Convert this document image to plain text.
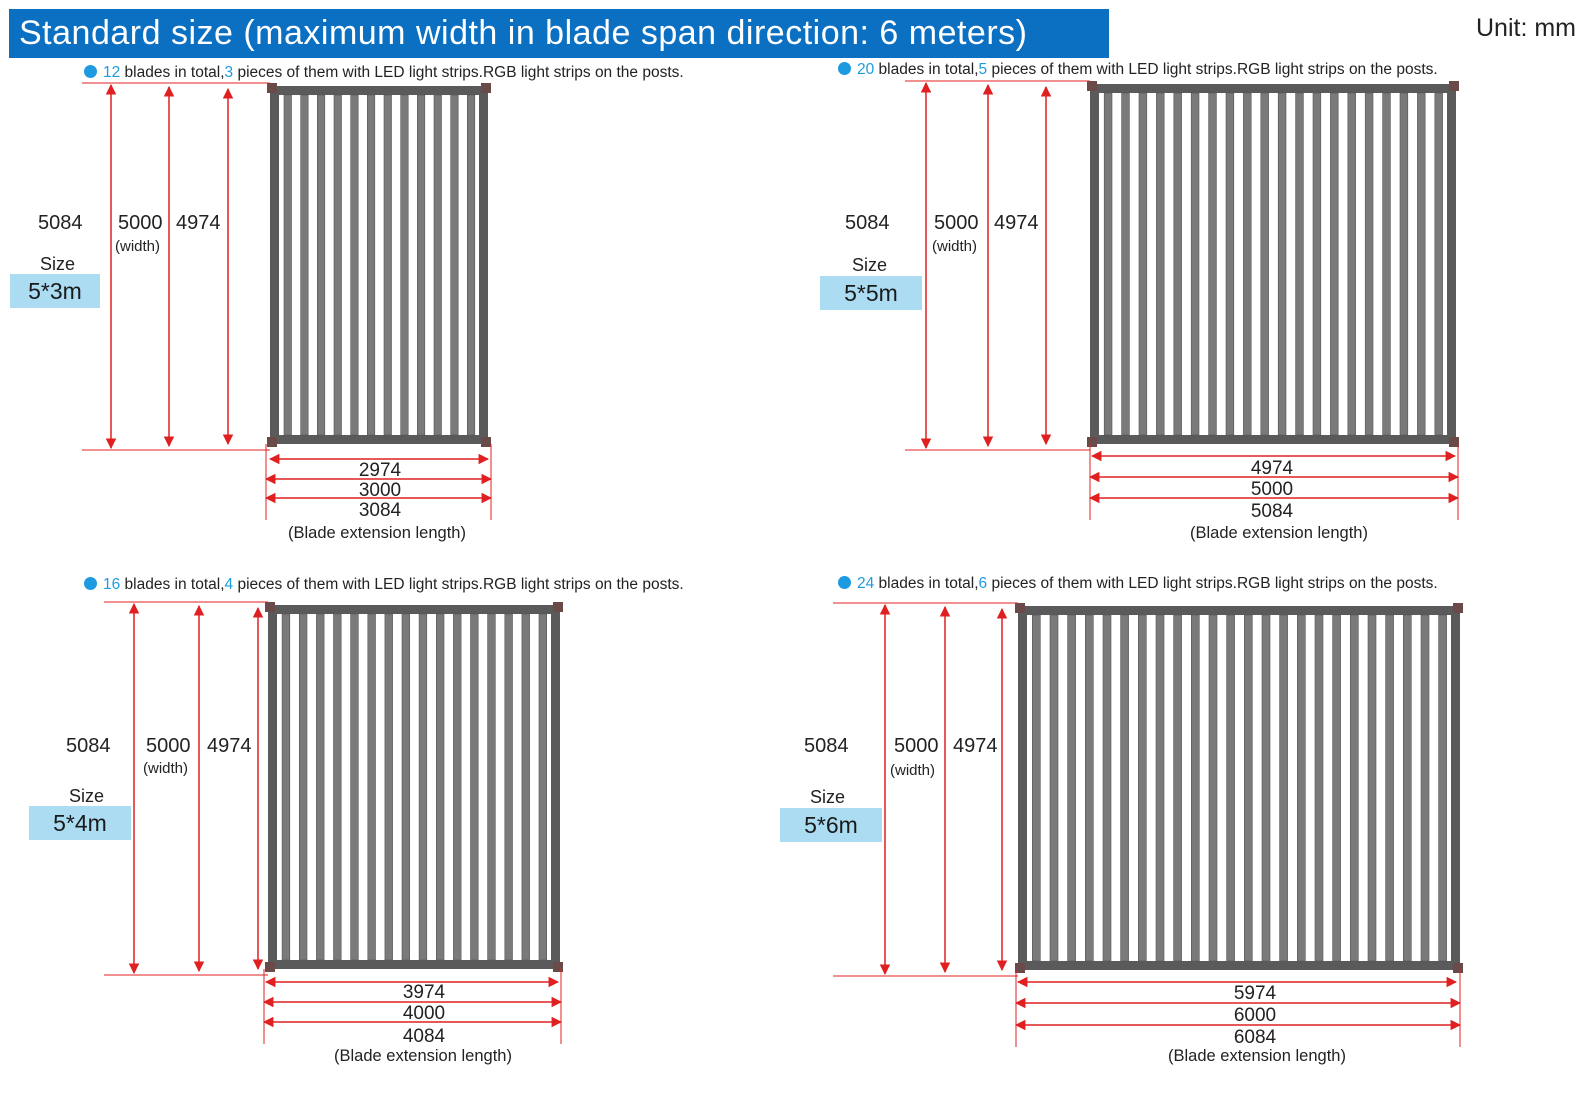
Standard size (maximum width in blade span direction: 6 meters)	Unit: mm
12 blades in total,3 pieces of them with LED light strips.RGB light strips on the posts.
5084 5000
(width)
4974
Size
5*3m
2974
3000
3084
(Blade extension length)
20 blades in total,5 pieces of them with LED light strips.RGB light strips on the posts.
5084 5000
(width)
4974
Size
5*5m
4974
5000
5084
(Blade extension length)
16 blades in total,4 pieces of them with LED light strips.RGB light strips on the posts.
5084 5000
(width)
4974
Size
5*4m
3974
4000
4084
(Blade extension length)
24 blades in total,6 pieces of them with LED light strips.RGB light strips on the posts.
5084 5000
(width)
4974
Size
5*6m
5974
6000
6084
(Blade extension length)
